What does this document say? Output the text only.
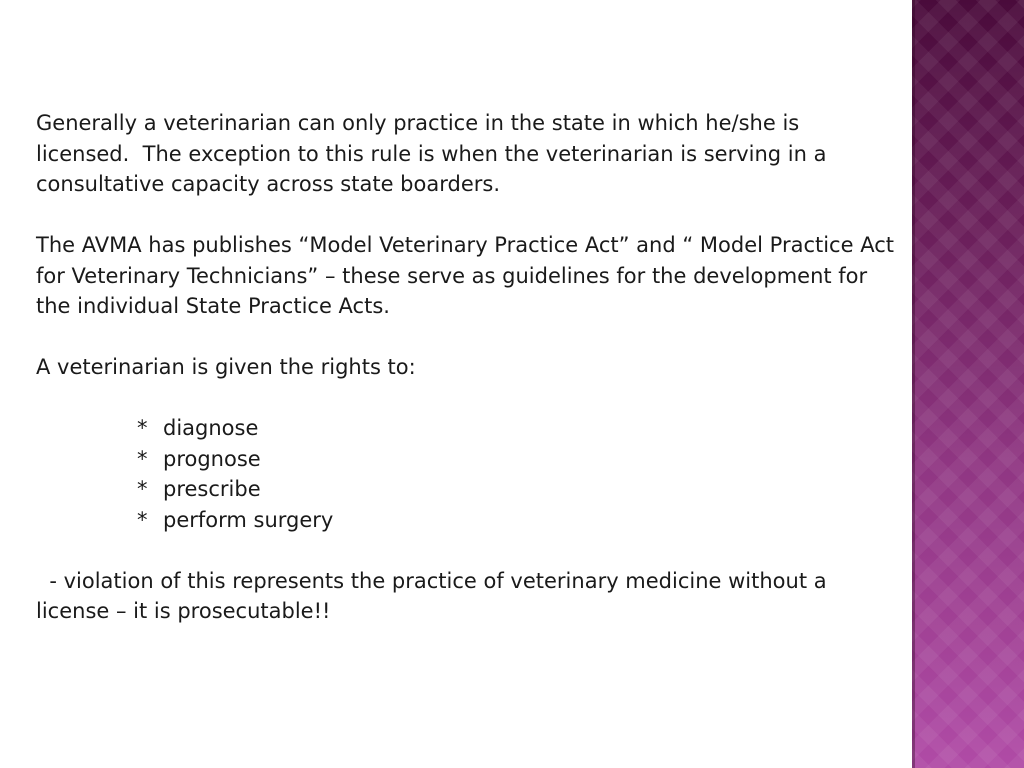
Generally a veterinarian can only practice in the state in which he/she is licensed.  The exception to this rule is when the veterinarian is serving in a consultative capacity across state boarders.

The AVMA has publishes “Model Veterinary Practice Act” and “ Model Practice Act for Veterinary Technicians” – these serve as guidelines for the development for the individual State Practice Acts.

A veterinarian is given the rights to:

* diagnose
* prognose
* prescribe
* perform surgery

- violation of this represents the practice of veterinary medicine without a license – it is prosecutable!!
